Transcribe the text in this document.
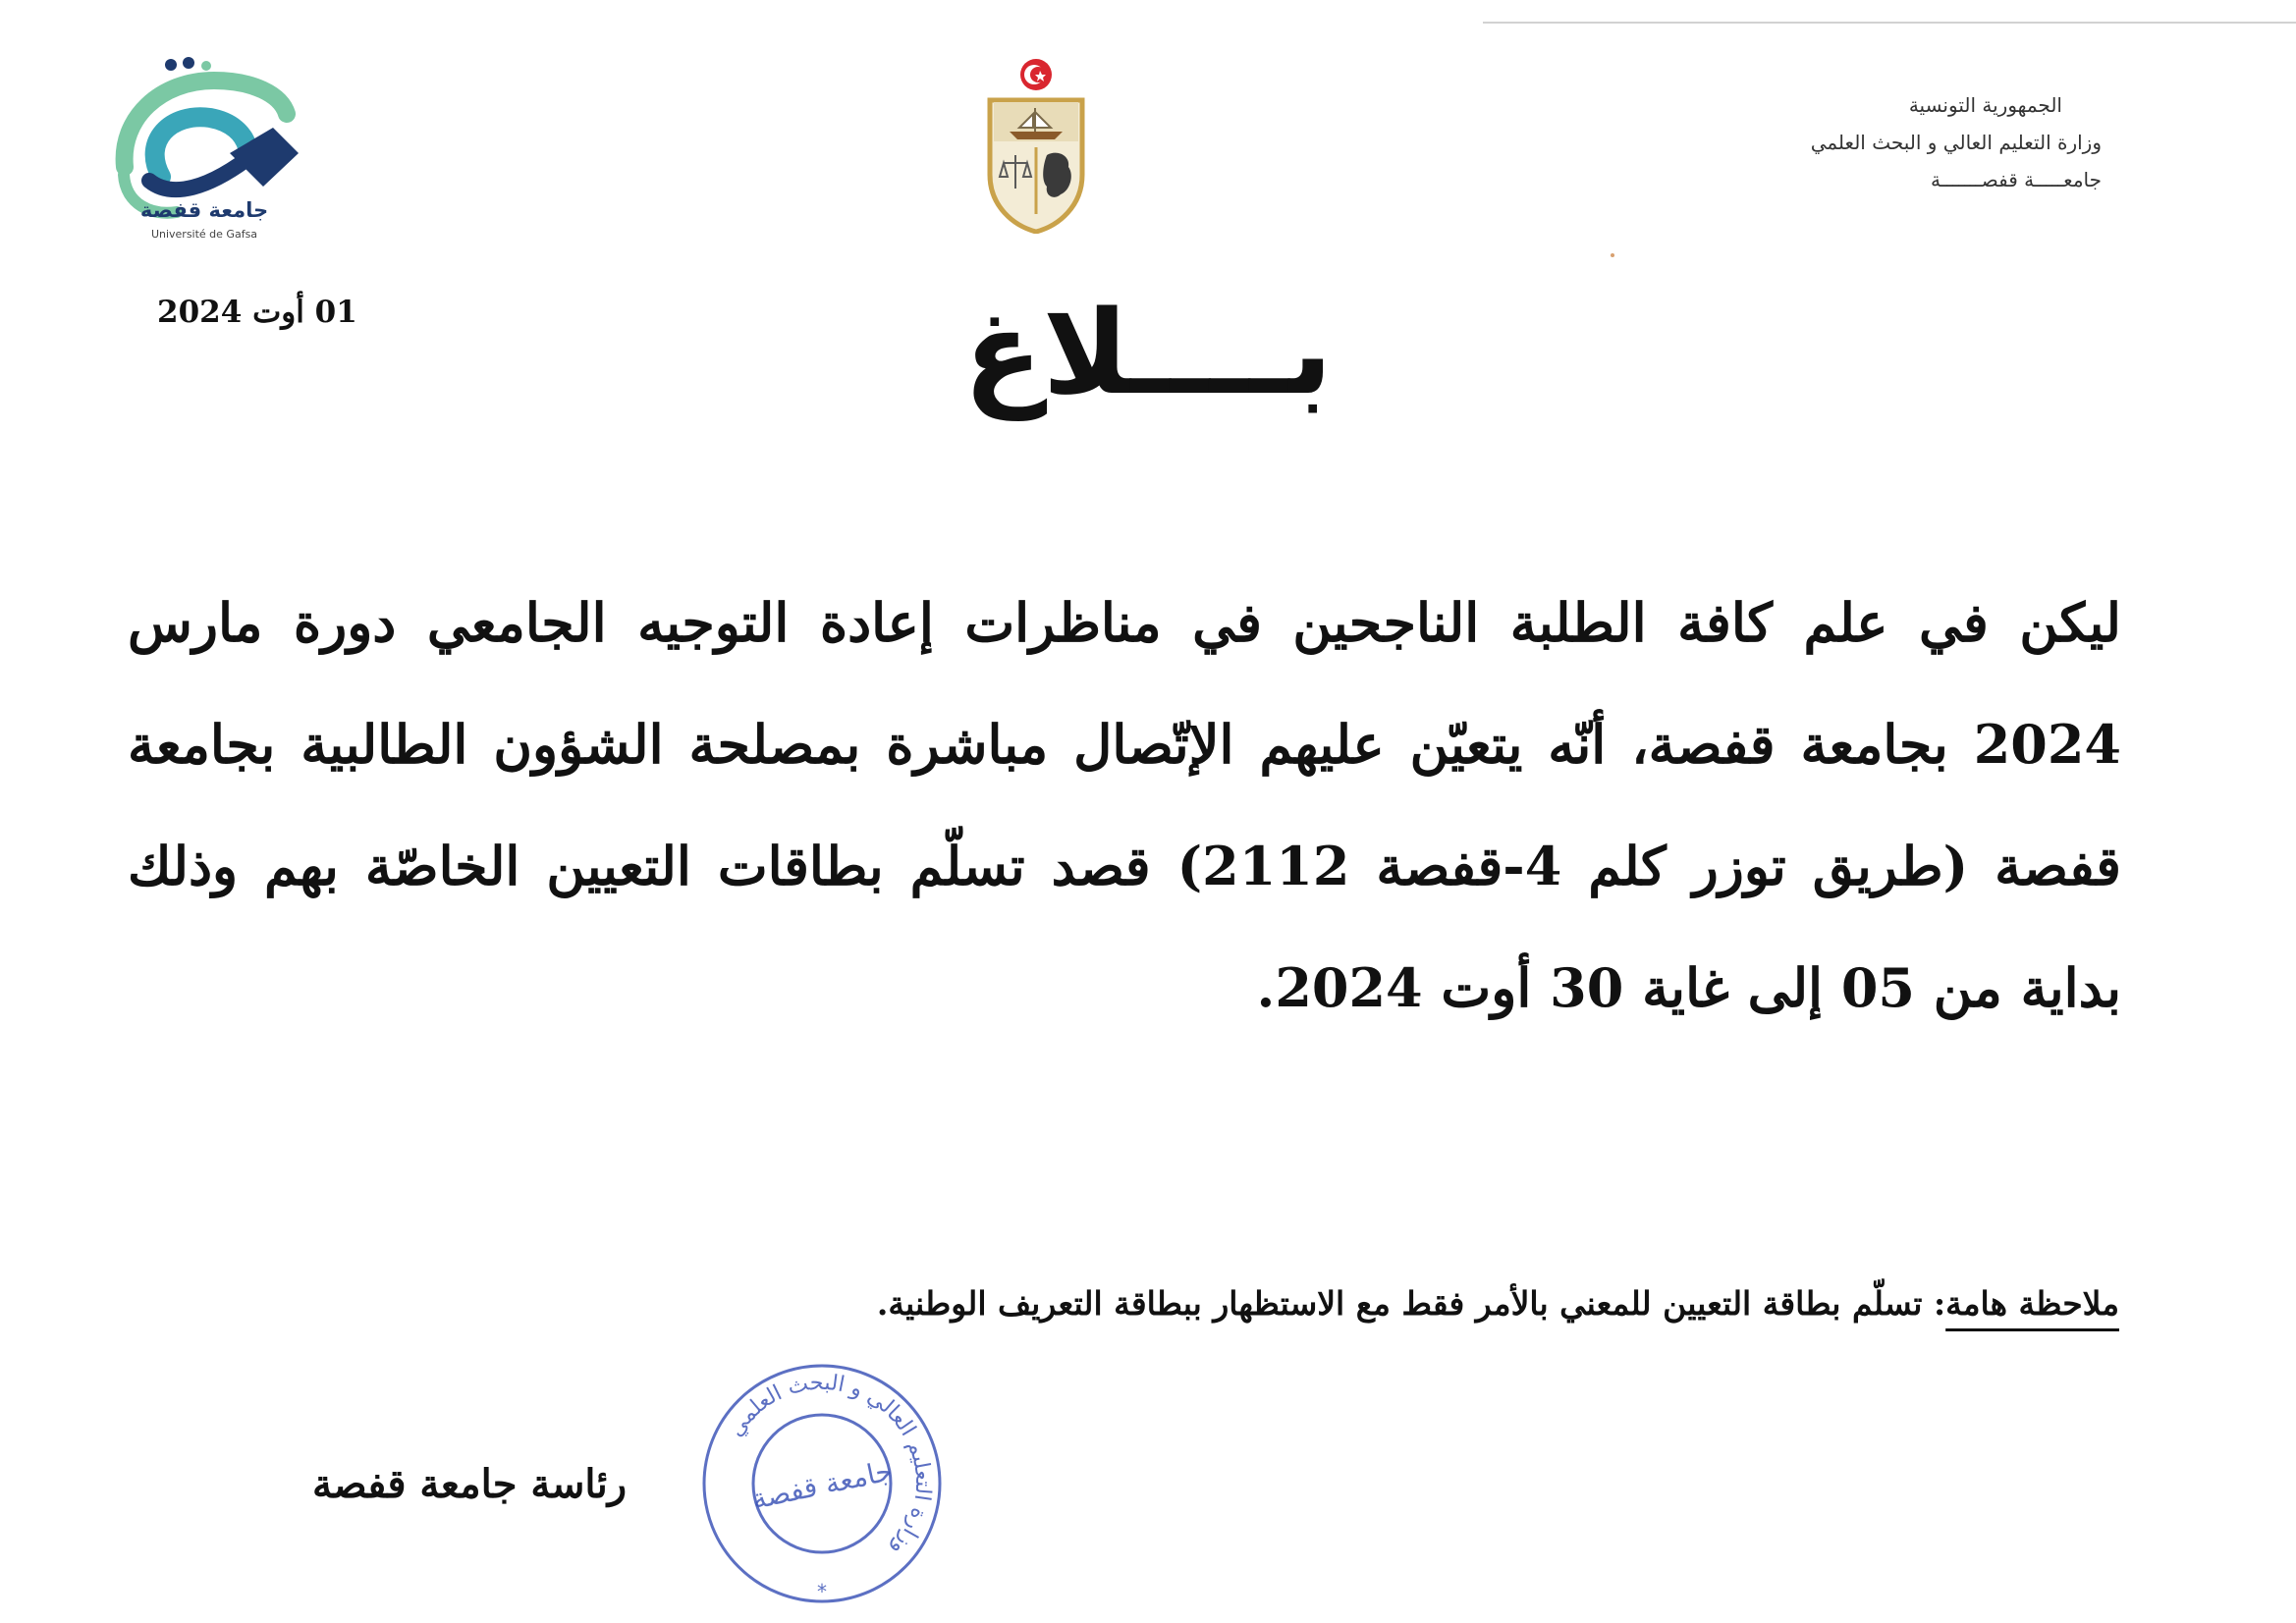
الجمهورية التونسية
وزارة التعليم العالي و البحث العلمي
جامعـــــة قفصـــــــة
جامعة قفصة
Université de Gafsa
01 أوت 2024	بــــلاغ
ليكن في علم كافة الطلبة الناجحين في مناظرات إعادة التوجيه الجامعي دورة مارس 2024 بجامعة قفصة، أنّه يتعيّن عليهم الإتّصال مباشرة بمصلحة الشؤون الطالبية بجامعة قفصة (طريق توزر كلم 4-قفصة 2112) قصد تسلّم بطاقات التعيين الخاصّة بهم وذلك بداية من 05 إلى غاية 30 أوت 2024.
ملاحظة هامة: تسلّم بطاقة التعيين للمعني بالأمر فقط مع الاستظهار ببطاقة التعريف الوطنية.
وزارة التعليم العالي و البحث العلمي
جامعة قفصة
*
رئاسة جامعة قفصة
